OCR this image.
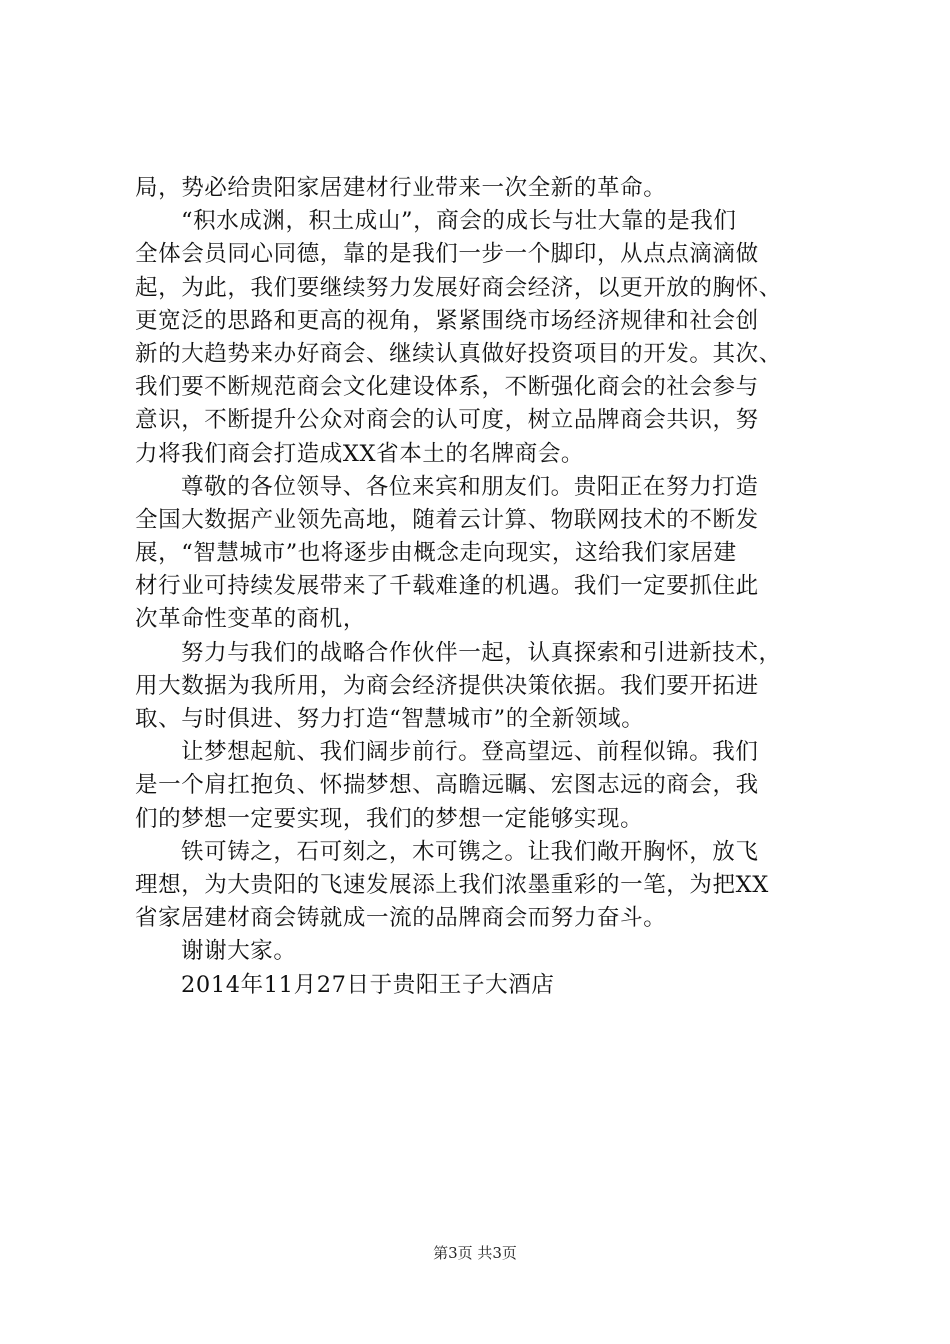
局，势必给贵阳家居建材行业带来一次全新的革命。
“积水成渊，积土成山”，商会的成长与壮大靠的是我们
全体会员同心同德，靠的是我们一步一个脚印，从点点滴滴做
起，为此，我们要继续努力发展好商会经济，以更开放的胸怀、
更宽泛的思路和更高的视角，紧紧围绕市场经济规律和社会创
新的大趋势来办好商会、继续认真做好投资项目的开发。其次、
我们要不断规范商会文化建设体系，不断强化商会的社会参与
意识，不断提升公众对商会的认可度，树立品牌商会共识，努
力将我们商会打造成XX省本土的名牌商会。
尊敬的各位领导、各位来宾和朋友们。贵阳正在努力打造
全国大数据产业领先高地，随着云计算、物联网技术的不断发
展，“智慧城市”也将逐步由概念走向现实，这给我们家居建
材行业可持续发展带来了千载难逢的机遇。我们一定要抓住此
次革命性变革的商机，
努力与我们的战略合作伙伴一起，认真探索和引进新技术，
用大数据为我所用，为商会经济提供决策依据。我们要开拓进
取、与时俱进、努力打造“智慧城市”的全新领域。
让梦想起航、我们阔步前行。登高望远、前程似锦。我们
是一个肩扛抱负、怀揣梦想、高瞻远瞩、宏图志远的商会，我
们的梦想一定要实现，我们的梦想一定能够实现。
铁可铸之，石可刻之，木可镌之。让我们敞开胸怀，放飞
理想，为大贵阳的飞速发展添上我们浓墨重彩的一笔，为把XX
省家居建材商会铸就成一流的品牌商会而努力奋斗。
谢谢大家。
2014年11月27日于贵阳王子大酒店
第3页 共3页
